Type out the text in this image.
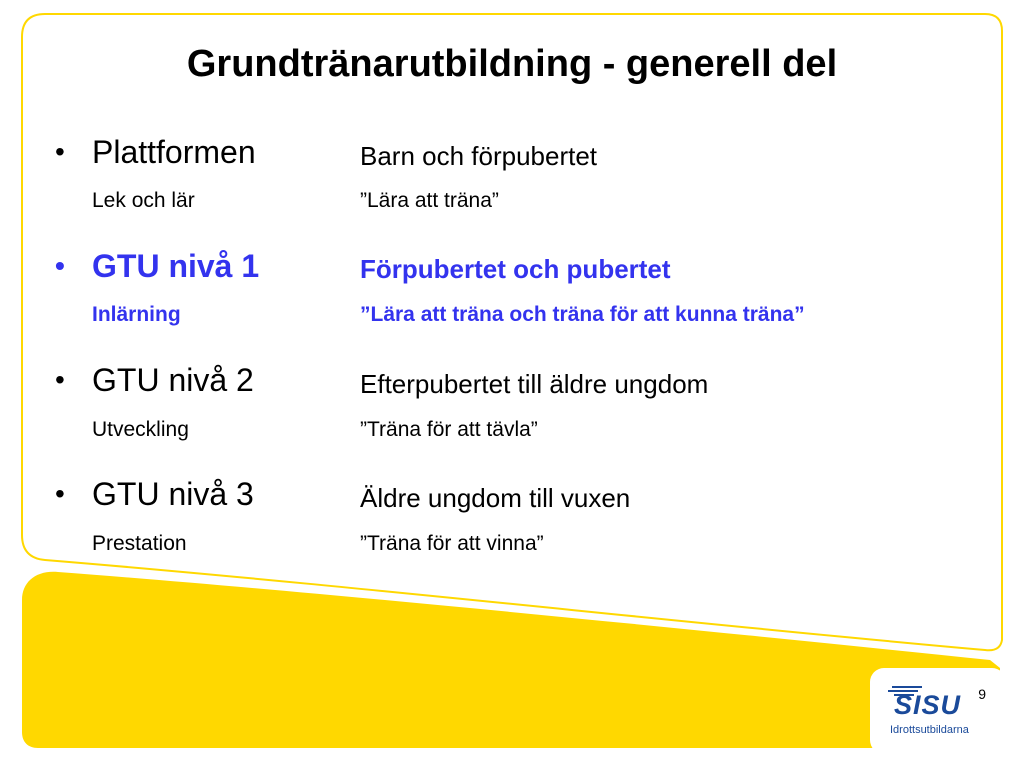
Grundtränarutbildning - generell del
• Plattformen	Barn och förpubertet
Lek och lär	”Lära att träna”
• GTU nivå 1	Förpubertet och pubertet
Inlärning	”Lära att träna och träna för att kunna träna”
• GTU nivå 2	Efterpubertet till äldre ungdom
Utveckling	”Träna för att tävla”
• GTU nivå 3	Äldre ungdom till vuxen
Prestation	”Träna för att vinna”
9
SISU
Idrottsutbildarna
